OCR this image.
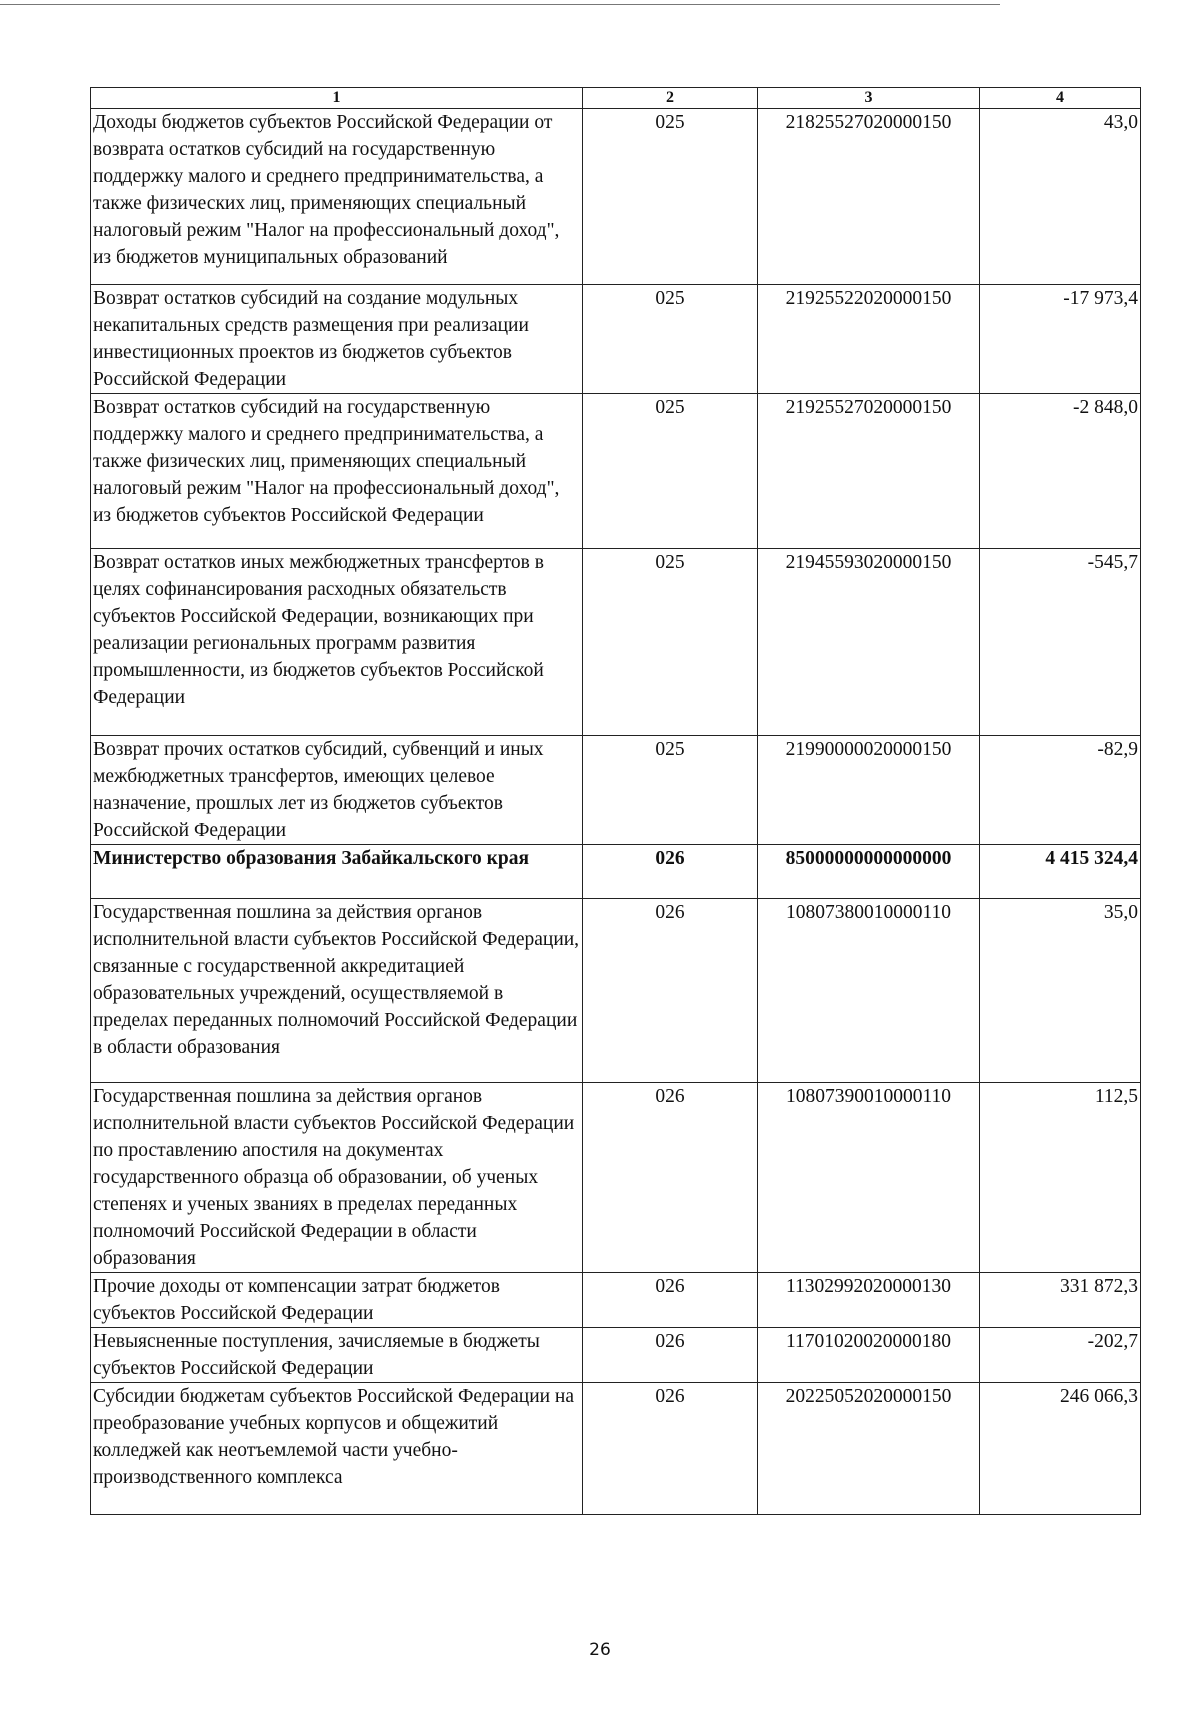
1	2	3	4
Доходы бюджетов субъектов Российской Федерации от возврата остатков субсидий на государственную поддержку малого и среднего предпринимательства, а также физических лиц, применяющих специальный налоговый режим "Налог на профессиональный доход", из бюджетов муниципальных образований	025	21825527020000150	43,0
Возврат остатков субсидий на создание модульных некапитальных средств размещения при реализации инвестиционных проектов из бюджетов субъектов Российской Федерации	025	21925522020000150	-17 973,4
Возврат остатков субсидий на государственную поддержку малого и среднего предпринимательства, а также физических лиц, применяющих специальный налоговый режим "Налог на профессиональный доход", из бюджетов субъектов Российской Федерации	025	21925527020000150	-2 848,0
Возврат остатков иных межбюджетных трансфертов в целях софинансирования расходных обязательств субъектов Российской Федерации, возникающих при реализации региональных программ развития промышленности, из бюджетов субъектов Российской Федерации	025	21945593020000150	-545,7
Возврат прочих остатков субсидий, субвенций и иных межбюджетных трансфертов, имеющих целевое назначение, прошлых лет из бюджетов субъектов Российской Федерации	025	21990000020000150	-82,9
Министерство образования Забайкальского края	026	85000000000000000	4 415 324,4
Государственная пошлина за действия органов исполнительной власти субъектов Российской Федерации, связанные с государственной аккредитацией образовательных учреждений, осуществляемой в пределах переданных полномочий Российской Федерации в области образования	026	10807380010000110	35,0
Государственная пошлина за действия органов исполнительной власти субъектов Российской Федерации по проставлению апостиля на документах государственного образца об образовании, об ученых степенях и ученых званиях в пределах переданных полномочий Российской Федерации в области образования	026	10807390010000110	112,5
Прочие доходы от компенсации затрат бюджетов субъектов Российской Федерации	026	11302992020000130	331 872,3
Невыясненные поступления, зачисляемые в бюджеты субъектов Российской Федерации	026	11701020020000180	-202,7
Субсидии бюджетам субъектов Российской Федерации на преобразование учебных корпусов и общежитий колледжей как неотъемлемой части учебно-производственного комплекса	026	20225052020000150	246 066,3
26
